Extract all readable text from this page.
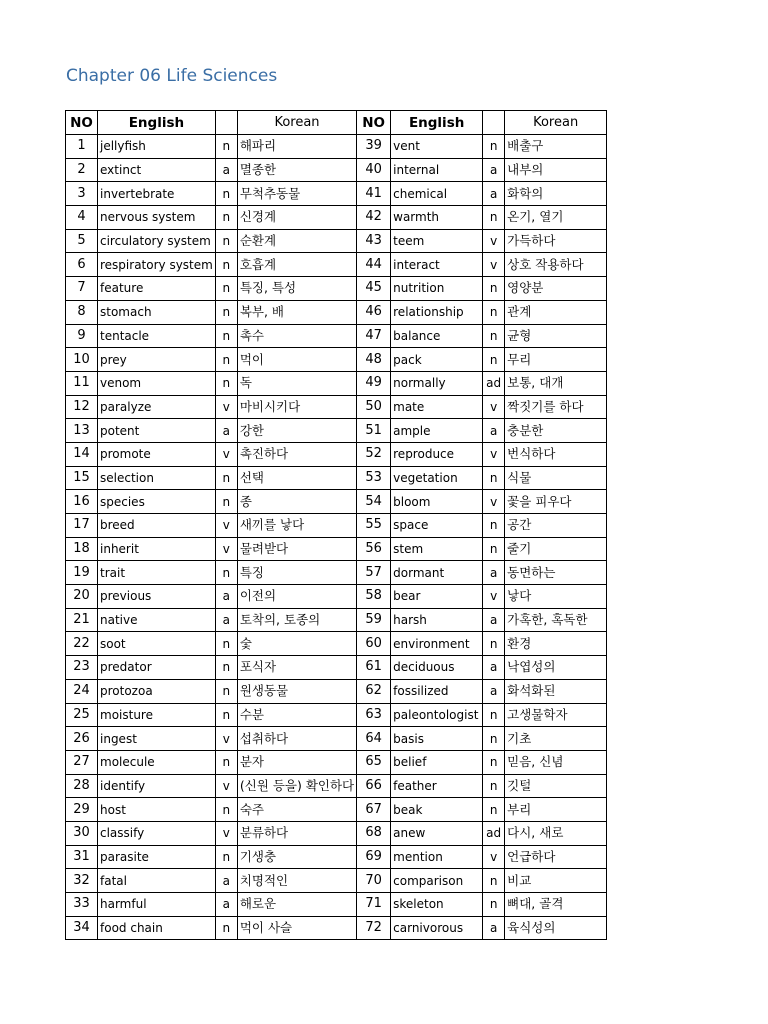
Chapter 06 Life Sciences
NO	English		Korean	NO	English		Korean
1	jellyfish	n	해파리	39	vent	n	배출구
2	extinct	a	멸종한	40	internal	a	내부의
3	invertebrate	n	무척추동물	41	chemical	a	화학의
4	nervous system	n	신경계	42	warmth	n	온기, 열기
5	circulatory system	n	순환계	43	teem	v	가득하다
6	respiratory system	n	호흡계	44	interact	v	상호 작용하다
7	feature	n	특징, 특성	45	nutrition	n	영양분
8	stomach	n	복부, 배	46	relationship	n	관계
9	tentacle	n	촉수	47	balance	n	균형
10	prey	n	먹이	48	pack	n	무리
11	venom	n	독	49	normally	ad	보통, 대개
12	paralyze	v	마비시키다	50	mate	v	짝짓기를 하다
13	potent	a	강한	51	ample	a	충분한
14	promote	v	촉진하다	52	reproduce	v	번식하다
15	selection	n	선택	53	vegetation	n	식물
16	species	n	종	54	bloom	v	꽃을 피우다
17	breed	v	새끼를 낳다	55	space	n	공간
18	inherit	v	물려받다	56	stem	n	줄기
19	trait	n	특징	57	dormant	a	동면하는
20	previous	a	이전의	58	bear	v	낳다
21	native	a	토착의, 토종의	59	harsh	a	가혹한, 혹독한
22	soot	n	숯	60	environment	n	환경
23	predator	n	포식자	61	deciduous	a	낙엽성의
24	protozoa	n	원생동물	62	fossilized	a	화석화된
25	moisture	n	수분	63	paleontologist	n	고생물학자
26	ingest	v	섭취하다	64	basis	n	기초
27	molecule	n	분자	65	belief	n	믿음, 신념
28	identify	v	(신원 등을) 확인하다	66	feather	n	깃털
29	host	n	숙주	67	beak	n	부리
30	classify	v	분류하다	68	anew	ad	다시, 새로
31	parasite	n	기생충	69	mention	v	언급하다
32	fatal	a	치명적인	70	comparison	n	비교
33	harmful	a	해로운	71	skeleton	n	뼈대, 골격
34	food chain	n	먹이 사슬	72	carnivorous	a	육식성의
